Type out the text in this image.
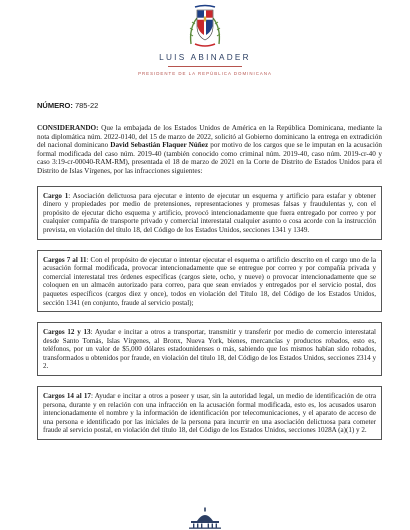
LUIS ABINADER
PRESIDENTE DE LA REPÚBLICA DOMINICANA
NÚMERO: 785-22

CONSIDERANDO: Que la embajada de los Estados Unidos de América en la República Dominicana, mediante la nota diplomática núm. 2022-0140, del 15 de marzo de 2022, solicitó al Gobierno dominicano la entrega en extradición del nacional dominicano David Sebastián Flaquer Núñez por motivo de los cargos que se le imputan en la acusación formal modificada del caso núm. 2019-40 (también conocido como criminal núm. 2019-40, caso núm. 2019-cr-40 y caso 3:19-cr-00040-RAM-RM), presentada el 18 de marzo de 2021 en la Corte de Distrito de Estados Unidos para el Distrito de Islas Vírgenes, por las infracciones siguientes:

Cargo 1: Asociación delictuosa para ejecutar e intento de ejecutar un esquema y artificio para estafar y obtener dinero y propiedades por medio de pretensiones, representaciones y promesas falsas y fraudulentas y, con el propósito de ejecutar dicho esquema y artificio, provocó intencionadamente que fuera entregado por correo y por cualquier compañía de transporte privado y comercial interestatal cualquier asunto o cosa acorde con la instrucción prevista, en violación del título 18, del Código de los Estados Unidos, secciones 1341 y 1349.
Cargos 7 al 11: Con el propósito de ejecutar o intentar ejecutar el esquema o artificio descrito en el cargo uno de la acusación formal modificada, provocar intencionadamente que se entregue por correo y por compañía privada y comercial interestatal tres órdenes específicas (cargos siete, ocho, y nueve) o provocar intencionadamente que se coloquen en un almacén autorizado para correo, para que sean enviados y entregados por el servicio postal, dos paquetes específicos (cargos diez y once), todos en violación del Título 18, del Código de los Estados Unidos, sección 1341 (en conjunto, fraude al servicio postal);
Cargos 12 y 13: Ayudar e incitar a otros a transportar, transmitir y transferir por medio de comercio interestatal desde Santo Tomás, Islas Vírgenes, al Bronx, Nueva York, bienes, mercancías y productos robados, esto es, teléfonos, por un valor de $5,000 dólares estadounidenses o más, sabiendo que los mismos habían sido robados, transformados u obtenidos por fraude, en violación del título 18, del Código de los Estados Unidos, secciones 2314 y 2.
Cargos 14 al 17: Ayudar e incitar a otros a poseer y usar, sin la autoridad legal, un medio de identificación de otra persona, durante y en relación con una infracción en la acusación formal modificada, esto es, los acusados usaron intencionadamente el nombre y la información de identificación por telecomunicaciones, y el aparato de acceso de una persona e identificado por las iniciales de la persona para incurrir en una asociación delictuosa para cometer fraude al servicio postal, en violación del título 18, del Código de los Estados Unidos, secciones 1028A (a)(1) y 2.
